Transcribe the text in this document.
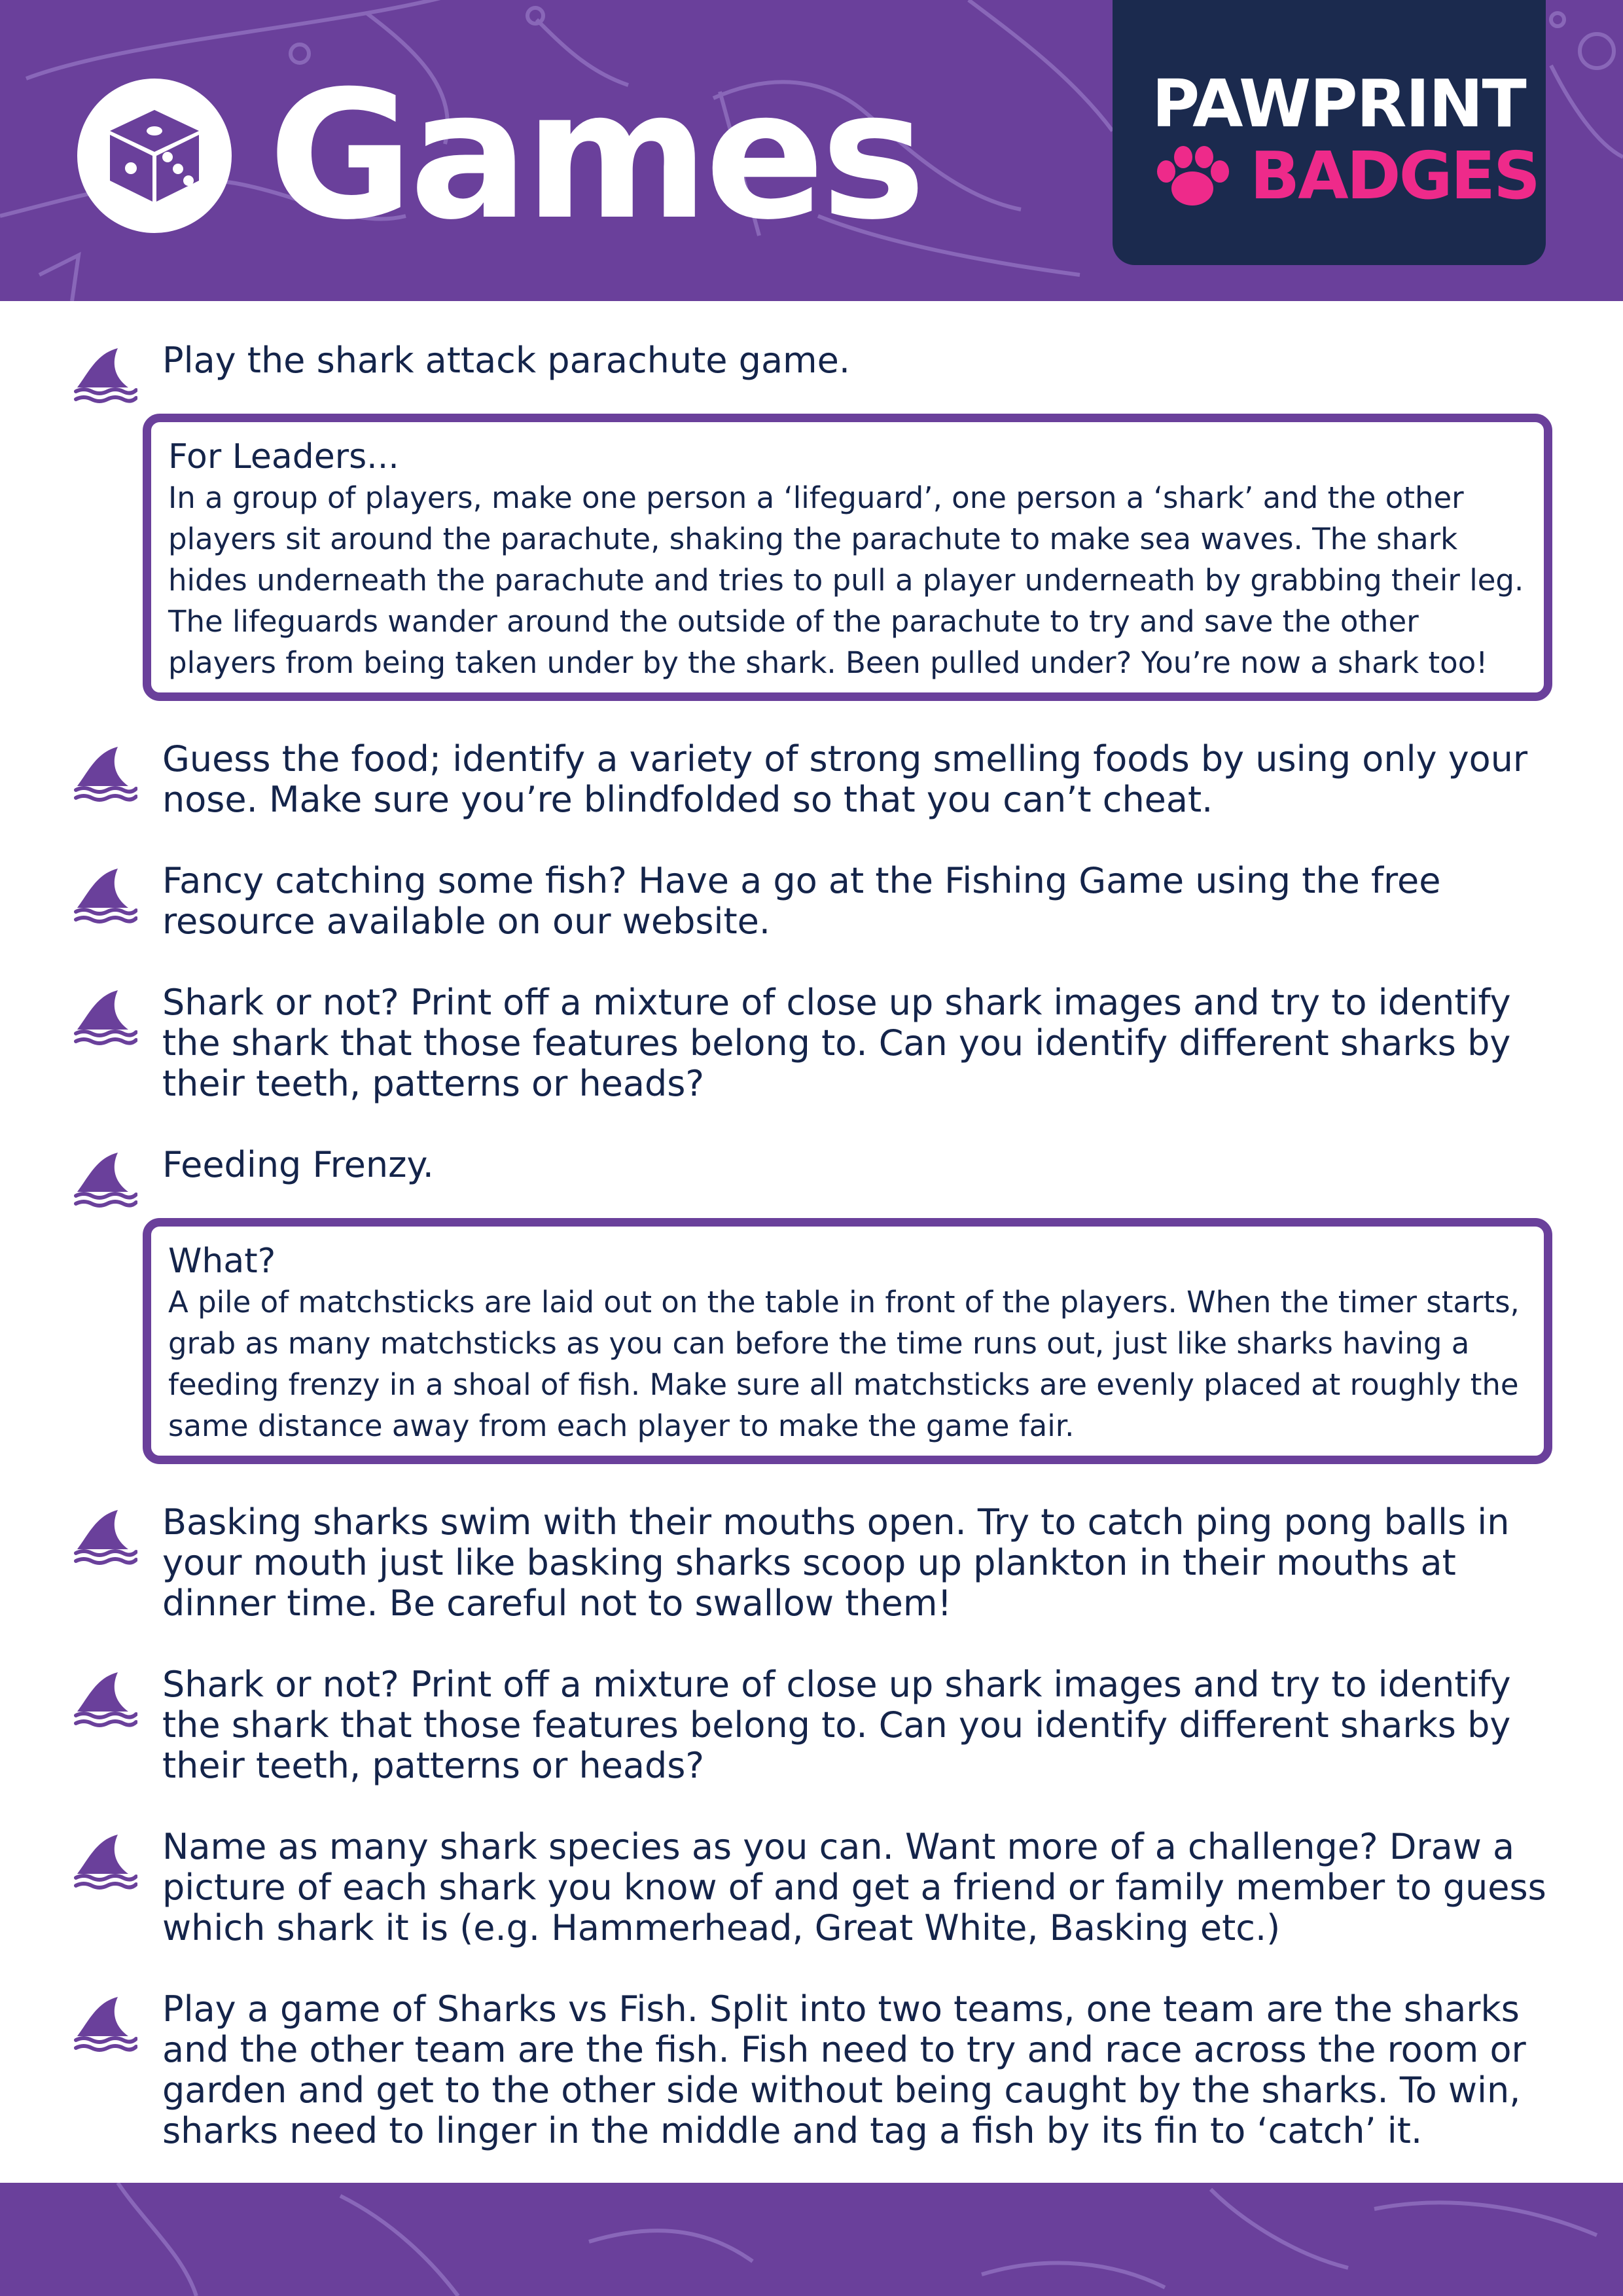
Games	PAWPRINT
BADGES
Play the shark attack parachute game.
For Leaders...
In a group of players, make one person a ‘lifeguard’, one person a ‘shark’ and the other players sit around the parachute, shaking the parachute to make sea waves. The shark hides underneath the parachute and tries to pull a player underneath by grabbing their leg. The lifeguards wander around the outside of the parachute to try and save the other players from being taken under by the shark. Been pulled under? You’re now a shark too!
Guess the food; identify a variety of strong smelling foods by using only your nose. Make sure you’re blindfolded so that you can’t cheat.
Fancy catching some fish? Have a go at the Fishing Game using the free resource available on our website.
Shark or not? Print off a mixture of close up shark images and try to identify the shark that those features belong to. Can you identify different sharks by their teeth, patterns or heads?
Feeding Frenzy.
What?
A pile of matchsticks are laid out on the table in front of the players. When the timer starts, grab as many matchsticks as you can before the time runs out, just like sharks having a feeding frenzy in a shoal of fish. Make sure all matchsticks are evenly placed at roughly the same distance away from each player to make the game fair.
Basking sharks swim with their mouths open. Try to catch ping pong balls in your mouth just like basking sharks scoop up plankton in their mouths at dinner time. Be careful not to swallow them!
Shark or not? Print off a mixture of close up shark images and try to identify the shark that those features belong to. Can you identify different sharks by their teeth, patterns or heads?
Name as many shark species as you can. Want more of a challenge? Draw a picture of each shark you know of and get a friend or family member to guess which shark it is (e.g. Hammerhead, Great White, Basking etc.)
Play a game of Sharks vs Fish. Split into two teams, one team are the sharks and the other team are the fish. Fish need to try and race across the room or garden and get to the other side without being caught by the sharks. To win, sharks need to linger in the middle and tag a fish by its fin to ‘catch’ it.
